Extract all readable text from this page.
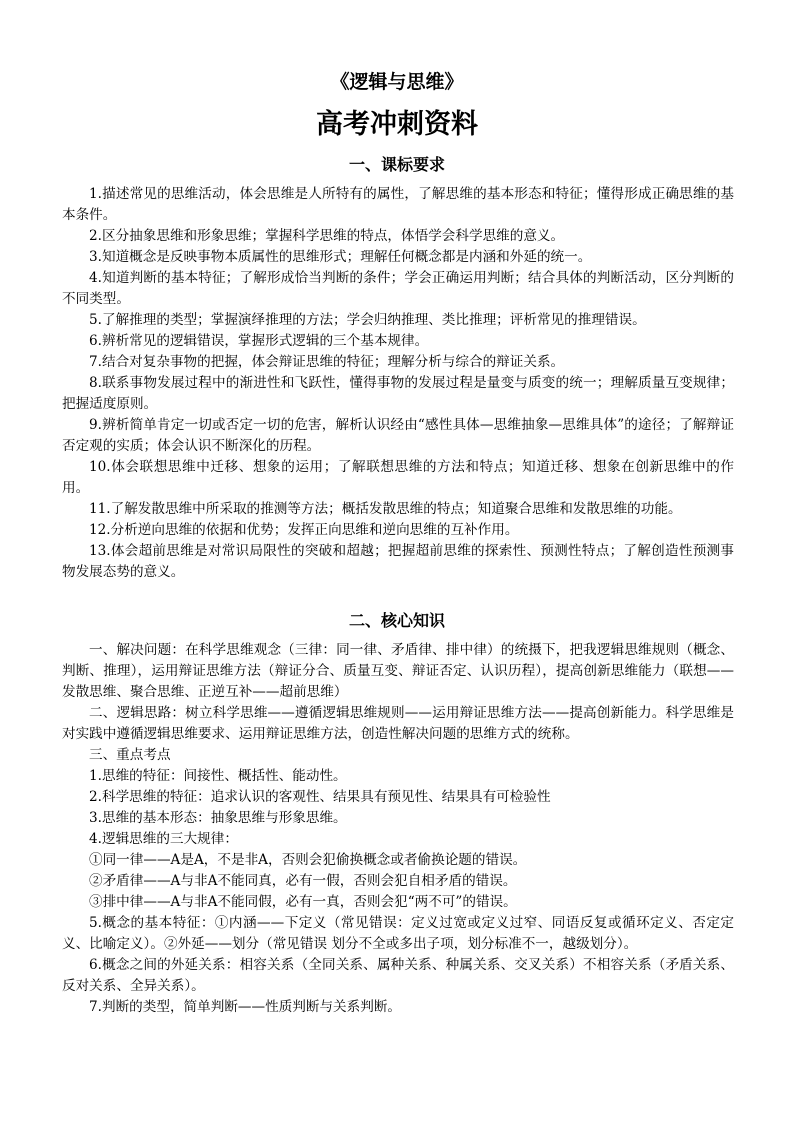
《逻辑与思维》
高考冲刺资料
一、课标要求

1.描述常见的思维活动，体会思维是人所特有的属性，了解思维的基本形态和特征；懂得形成正确思维的基本条件。

2.区分抽象思维和形象思维；掌握科学思维的特点，体悟学会科学思维的意义。

3.知道概念是反映事物本质属性的思维形式；理解任何概念都是内涵和外延的统一。

4.知道判断的基本特征；了解形成恰当判断的条件；学会正确运用判断；结合具体的判断活动，区分判断的不同类型。

5.了解推理的类型；掌握演绎推理的方法；学会归纳推理、类比推理；评析常见的推理错误。

6.辨析常见的逻辑错误，掌握形式逻辑的三个基本规律。

7.结合对复杂事物的把握，体会辩证思维的特征；理解分析与综合的辩证关系。

8.联系事物发展过程中的渐进性和飞跃性，懂得事物的发展过程是量变与质变的统一；理解质量互变规律；把握适度原则。

9.辨析简单肯定一切或否定一切的危害，解析认识经由“感性具体—思维抽象—思维具体”的途径；了解辩证否定观的实质；体会认识不断深化的历程。

10.体会联想思维中迁移、想象的运用；了解联想思维的方法和特点；知道迁移、想象在创新思维中的作用。

11.了解发散思维中所采取的推测等方法；概括发散思维的特点；知道聚合思维和发散思维的功能。

12.分析逆向思维的依据和优势；发挥正向思维和逆向思维的互补作用。

13.体会超前思维是对常识局限性的突破和超越；把握超前思维的探索性、预测性特点；了解创造性预测事物发展态势的意义。

二、核心知识

一、解决问题：在科学思维观念（三律：同一律、矛盾律、排中律）的统摄下，把我逻辑思维规则（概念、判断、推理），运用辩证思维方法（辩证分合、质量互变、辩证否定、认识历程），提高创新思维能力（联想——发散思维、聚合思维、正逆互补——超前思维）

二、逻辑思路：树立科学思维——遵循逻辑思维规则——运用辩证思维方法——提高创新能力。科学思维是对实践中遵循逻辑思维要求、运用辩证思维方法，创造性解决问题的思维方式的统称。

三、重点考点

1.思维的特征：间接性、概括性、能动性。

2.科学思维的特征：追求认识的客观性、结果具有预见性、结果具有可检验性

3.思维的基本形态：抽象思维与形象思维。

4.逻辑思维的三大规律：

①同一律——A是A，不是非A，否则会犯偷换概念或者偷换论题的错误。

②矛盾律——A与非A不能同真，必有一假，否则会犯自相矛盾的错误。

③排中律——A与非A不能同假，必有一真，否则会犯“两不可”的错误。

5.概念的基本特征：①内涵——下定义（常见错误：定义过宽或定义过窄、同语反复或循环定义、否定定义、比喻定义）。②外延——划分（常见错误 划分不全或多出子项，划分标准不一，越级划分）。

6.概念之间的外延关系：相容关系（全同关系、属种关系、种属关系、交叉关系）不相容关系（矛盾关系、反对关系、全异关系）。

7.判断的类型，简单判断——性质判断与关系判断。
